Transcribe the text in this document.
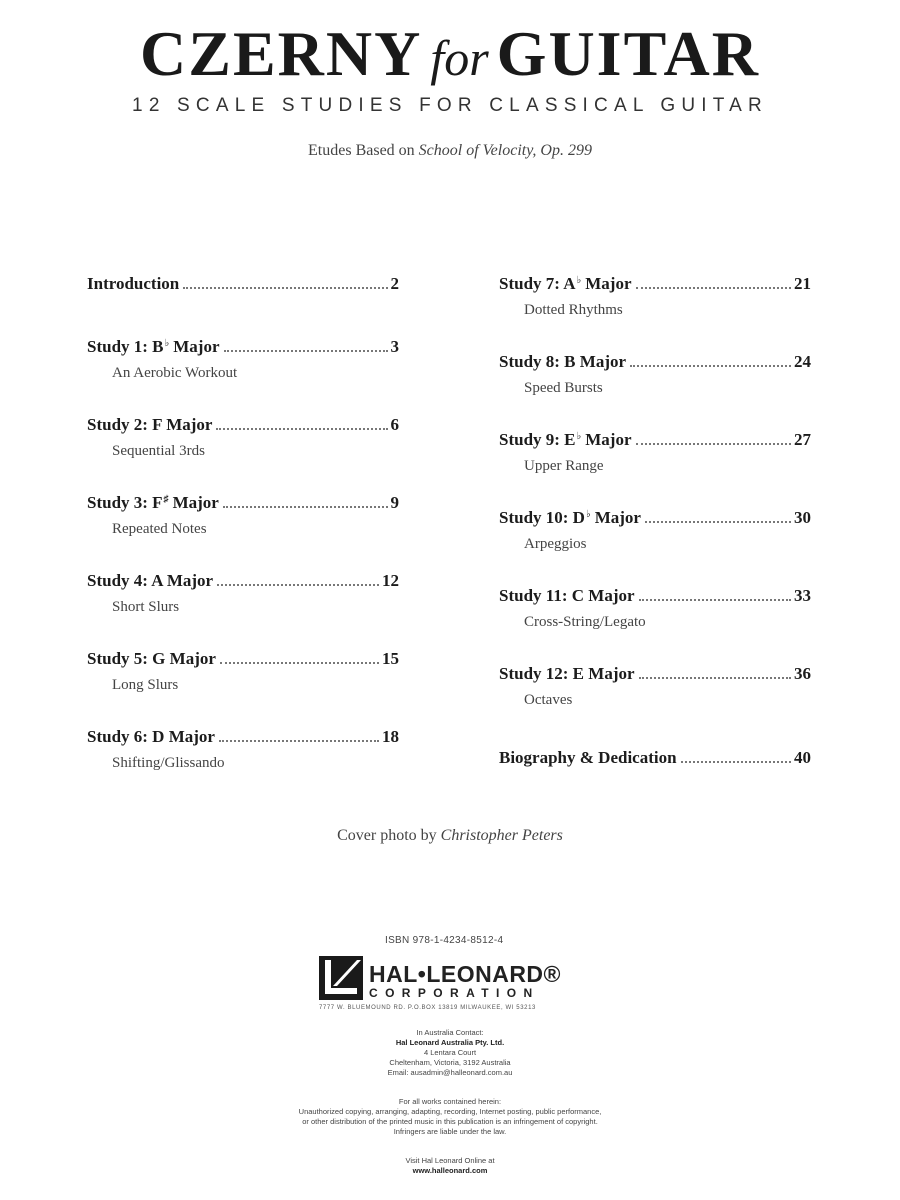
CZERNY for GUITAR
12 SCALE STUDIES FOR CLASSICAL GUITAR
Etudes Based on School of Velocity, Op. 299
Introduction	2
Study 1: B♭ Major	3
An Aerobic Workout
Study 2: F Major	6
Sequential 3rds
Study 3: F♯ Major	9
Repeated Notes
Study 4: A Major	12
Short Slurs
Study 5: G Major	15
Long Slurs
Study 6: D Major	18
Shifting/Glissando
Study 7: A♭ Major	21
Dotted Rhythms
Study 8: B Major	24
Speed Bursts
Study 9: E♭ Major	27
Upper Range
Study 10: D♭ Major	30
Arpeggios
Study 11: C Major	33
Cross-String/Legato
Study 12: E Major	36
Octaves
Biography & Dedication	40
Cover photo by Christopher Peters
ISBN 978-1-4234-8512-4
HAL•LEONARD®
CORPORATION
7777 W. BLUEMOUND RD. P.O.BOX 13819 MILWAUKEE, WI 53213
In Australia Contact:
Hal Leonard Australia Pty. Ltd.
4 Lentara Court
Cheltenham, Victoria, 3192 Australia
Email: ausadmin@halleonard.com.au
For all works contained herein:
Unauthorized copying, arranging, adapting, recording, Internet posting, public performance,
or other distribution of the printed music in this publication is an infringement of copyright.
Infringers are liable under the law.
Visit Hal Leonard Online at
www.halleonard.com
